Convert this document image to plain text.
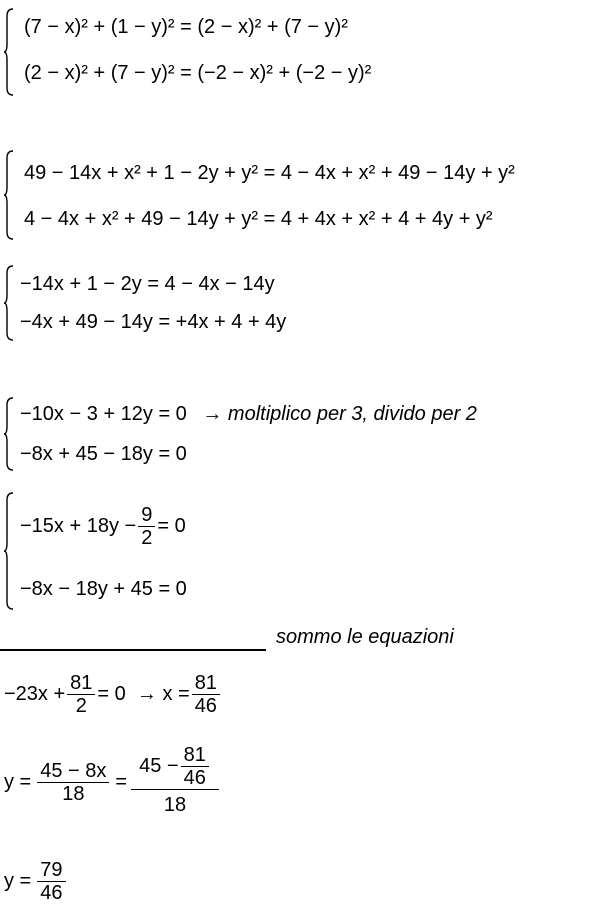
(7 − x)² + (1 − y)² = (2 − x)² + (7 − y)²
(2 − x)² + (7 − y)² = (−2 − x)² + (−2 − y)²
49 − 14x + x² + 1 − 2y + y² = 4 − 4x + x² + 49 − 14y + y²
4 − 4x + x² + 49 − 14y + y² = 4 + 4x + x² + 4 + 4y + y²
−14x + 1 − 2y = 4 − 4x − 14y
−4x + 49 − 14y = +4x + 4 + 4y
−10x − 3 + 12y = 0 → moltiplico per 3, divido per 2
−8x + 45 − 18y = 0
$-15x + 18y - \frac{9}{2} = 0$
−8x − 18y + 45 = 0
sommo le equazioni
$-23x + \frac{81}{2} = 0 \to x = \frac{81}{46}$
$y = \frac{45 - 8x}{18} = \frac{45 - \frac{81}{46}}{18}$
$y = \frac{79}{46}$
